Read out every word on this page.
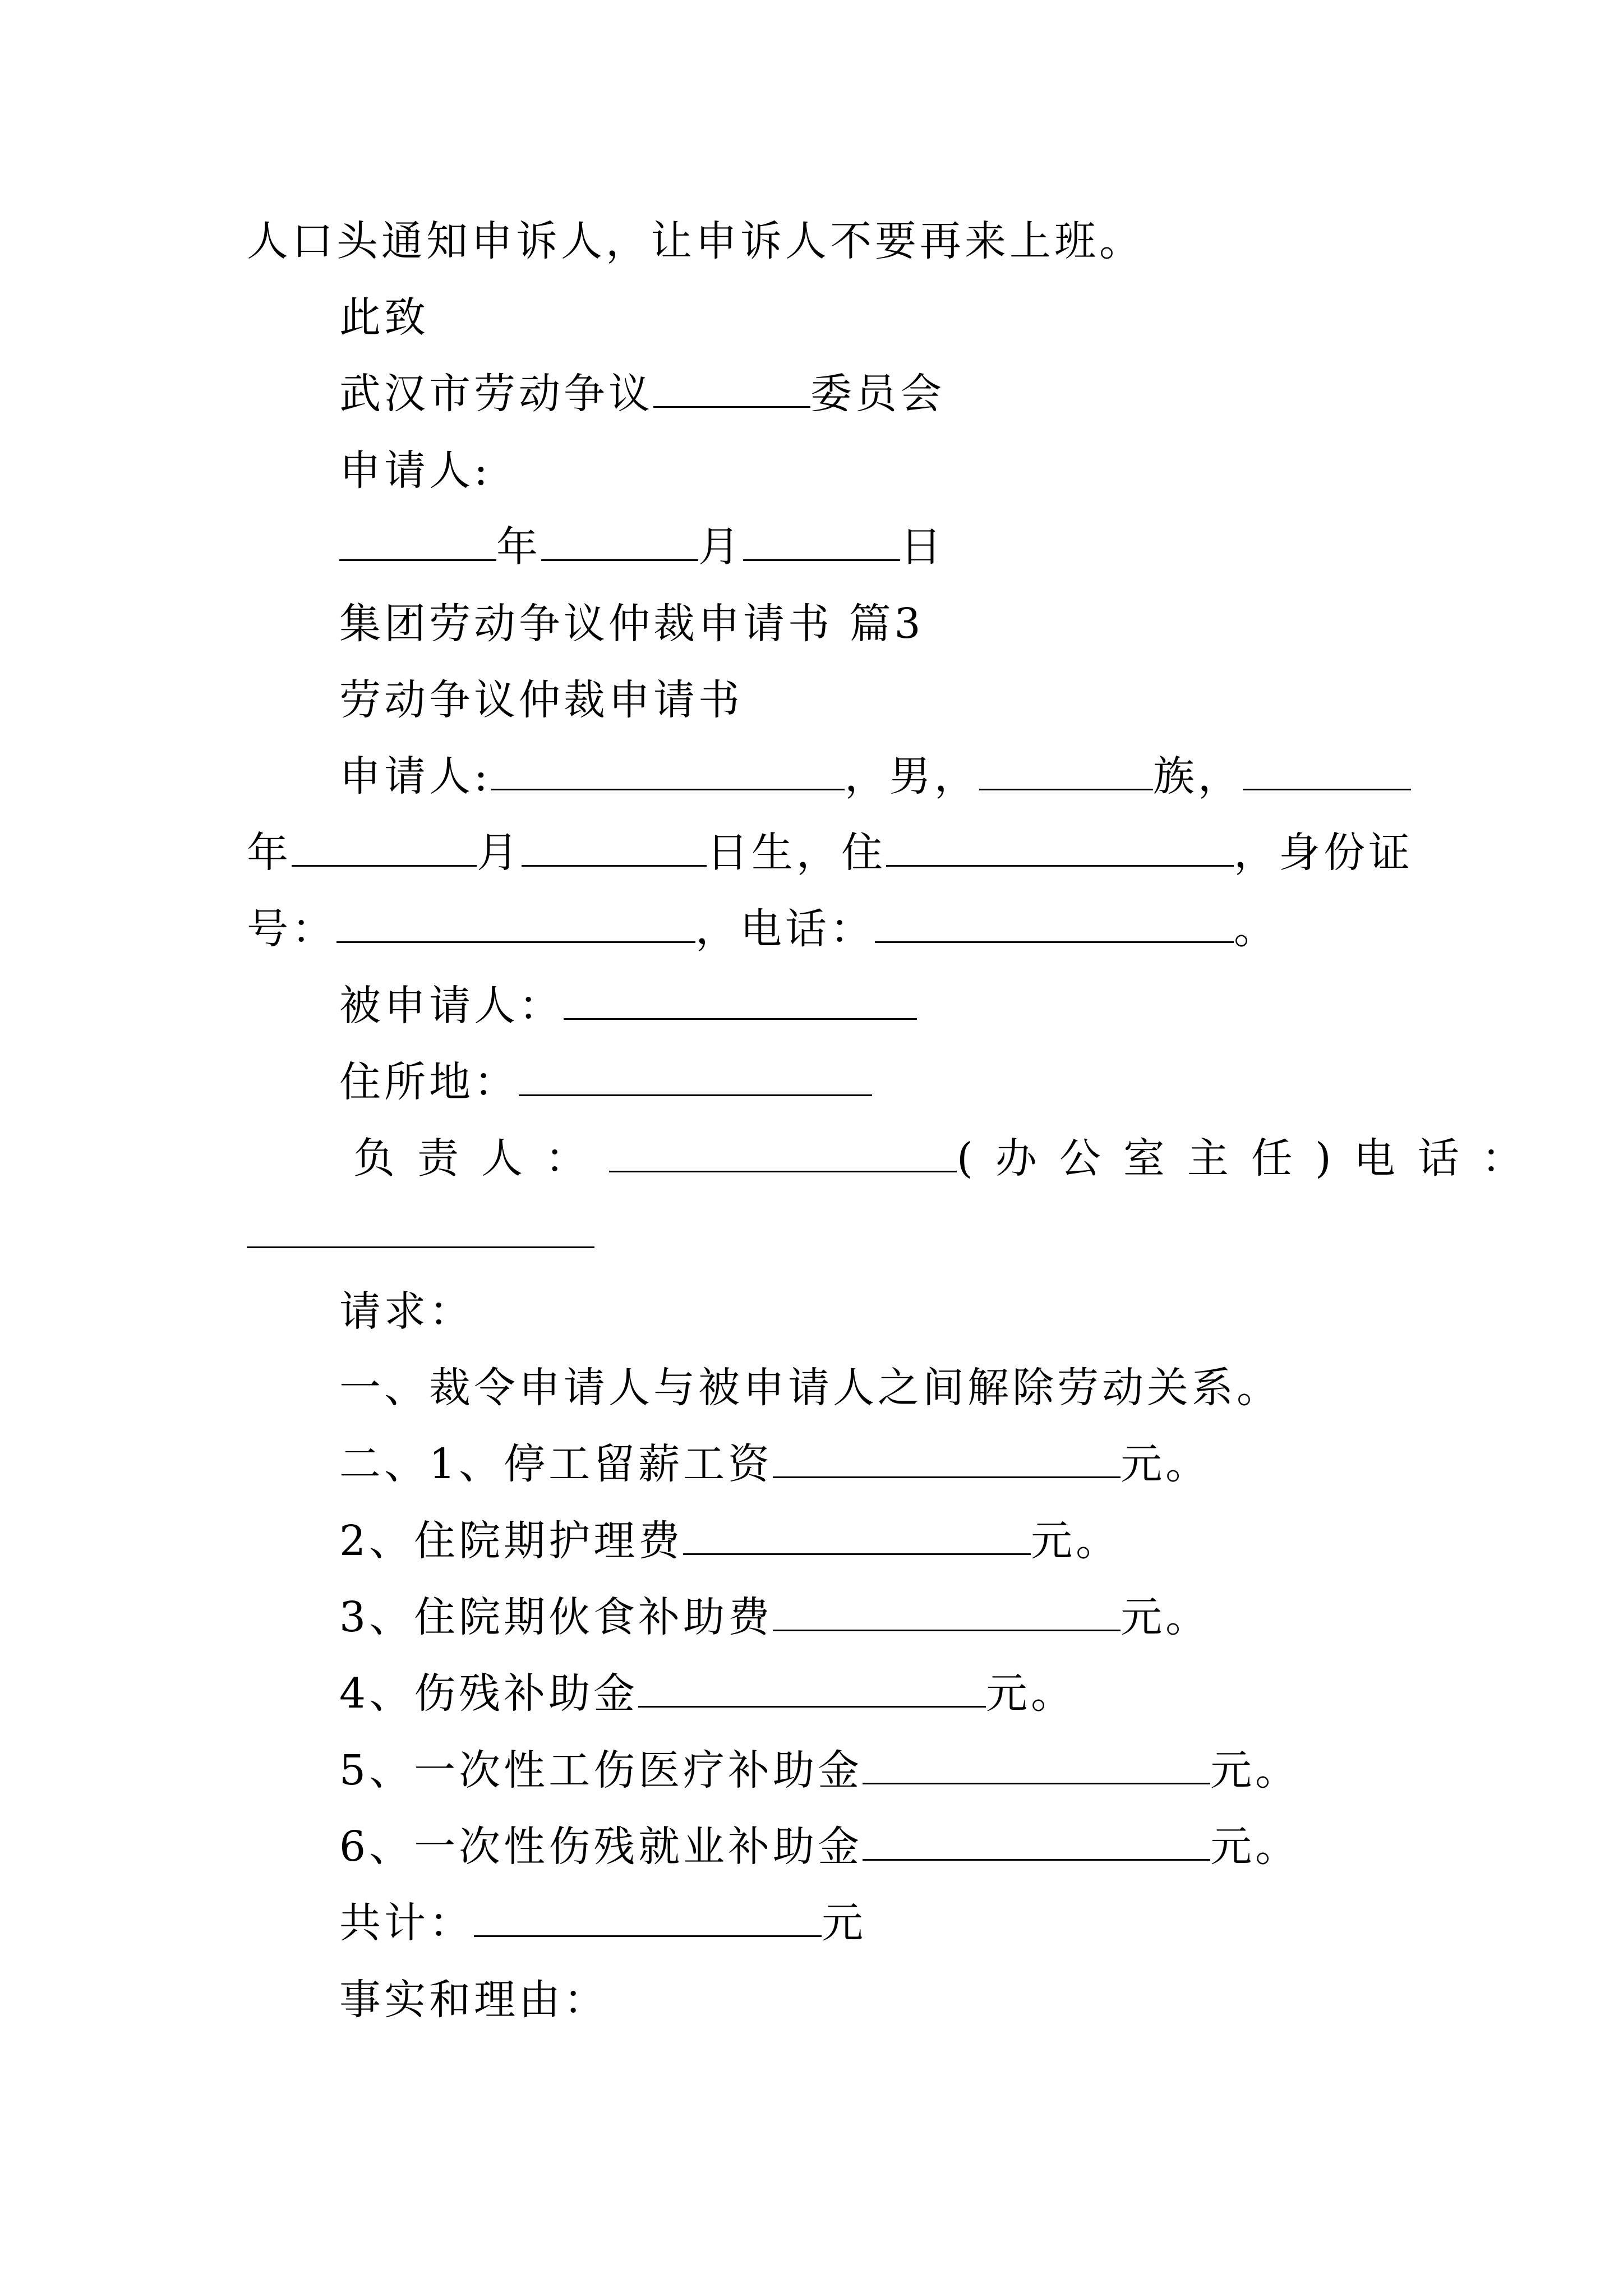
人口头通知申诉人，让申诉人不要再来上班。
此致
武汉市劳动争议	委员会
申请人:
年	月	日
集团劳动争议仲裁申请书 篇3
劳动争议仲裁申请书
申请人:	，男，	族，
年	月	日生，住	，身份证
号：	，电话：	。
被申请人：
住所地：
负责人：	(办公室主任)电话：
请求：
一、裁令申请人与被申请人之间解除劳动关系。
二、1、停工留薪工资	元。
2、住院期护理费	元。
3、住院期伙食补助费	元。
4、伤残补助金	元。
5、一次性工伤医疗补助金	元。
6、一次性伤残就业补助金	元。
共计：	元
事实和理由：
